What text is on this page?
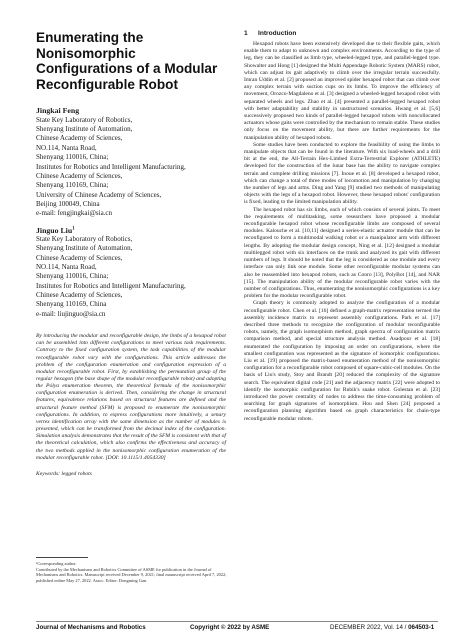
Enumerating the Nonisomorphic
Configurations of a Modular
Reconfigurable Robot
Jingkai Feng
State Key Laboratory of Robotics,
Shenyang Institute of Automation,
Chinese Academy of Sciences,
NO.114, Nanta Road,
Shenyang 110016, China;
Institutes for Robotics and Intelligent Manufacturing,
Chinese Academy of Sciences,
Shenyang 110169, China;
University of Chinese Academy of Sciences,
Beijing 100049, China
e-mail: fengjingkai@sia.cn
Jinguo Liu$^1$
State Key Laboratory of Robotics,
Shenyang Institute of Automation,
Chinese Academy of Sciences,
NO.114, Nanta Road,
Shenyang 110016, China;
Institutes for Robotics and Intelligent Manufacturing,
Chinese Academy of Sciences,
Shenyang 110169, China
e-mail: liujinguo@sia.cn

By introducing the modular and reconfigurable design, the limbs of a hexapod robot can be assembled into different configurations to meet various task requirements. Contrary to the fixed configuration system, the task capabilities of the modular reconfigurable robot vary with the configurations. This article addresses the problem of the configuration enumeration and configuration expression of a modular reconfigurable robot. First, by establishing the permutation group of the regular hexagon (the base shape of the modular reconfigurable robot) and adopting the Pólya enumeration theorem, the theoretical formula of the nonisomorphic configuration enumeration is derived. Then, considering the change in structural features, equivalence relations based on structural features are defined and the structural feature method (SFM) is proposed to enumerate the nonisomorphic configurations. In addition, to express configurations more intuitively, a senary vertex identification array with the same dimension as the number of modules is presented, which can be transformed from the decimal index of the configuration. Simulation analysis demonstrates that the result of the SFM is consistent with that of the theoretical calculation, which also confirms the effectiveness and accuracy of the two methods applied in the nonisomorphic configuration enumeration of the modular reconfigurable robot. [DOI: 10.1115/1.4054330]

Keywords: legged robots
¹Corresponding author.
Contributed by the Mechanisms and Robotics Committee of ASME for publication in the Journal of Mechanisms and Robotics. Manuscript received December 9, 2021; final manuscript received April 7, 2022; published online May 27, 2022. Assoc. Editor: Dongming Gan.
1 Introduction

Hexapod robots have been extensively developed due to their flexible gaits, which enable them to adapt to unknown and complex environments. According to the type of leg, they can be classified as limb type, wheeled-legged type, and parallel-legged type. Showalter and Hong [1] designed the Multi Appendage Robotic System (MARS) robot, which can adjust its gait adaptively to climb over the irregular terrain successfully. Imran Uddin et al. [2] proposed an improved spider hexapod robot that can climb over any complex terrain with suction cups on its limbs. To improve the efficiency of movement, Orozco-Magdaleno et al. [3] designed a wheeled-legged hexapod robot with separated wheels and legs. Zhao et al. [4] presented a parallel-legged hexapod robot with better adaptability and stability in unstructured scenarios. Hwang et al. [5,6] successively proposed two kinds of parallel-legged hexapod robots with noncollocated actuators whose gaits were controlled by the mechanism to remain stable. These studies only focus on the movement ability, but there are further requirements for the manipulation ability of hexapod robots.

Some studies have been conducted to explore the feasibility of using the limbs to manipulate objects that can be found in the literature. With six load-wheels and a drill bit at the end, the All-Terrain Hex-Limbed Extra-Terrestrial Explorer (ATHLETE) developed for the construction of the lunar base has the ability to navigate complex terrain and complete drilling missions [7]. Inoue et al. [8] developed a hexapod robot, which can change a total of three modes of locomotion and manipulation by changing the number of legs and arms. Ding and Yang [9] studied two methods of manipulating objects with the legs of a hexapod robot. However, these hexapod robots' configuration is fixed, leading to the limited manipulation ability.

The hexapod robot has six limbs, each of which consists of several joints. To meet the requirements of multitasking, some researchers have proposed a modular reconfigurable hexapod robot whose reconfigurable limbs are composed of several modules. Kalouche et al. [10,11] designed a series-elastic actuator module that can be reconfigured to form a multimodal walking robot or a manipulator arm with different lengths. By adopting the modular design concept, Ning et al. [12] designed a modular multilegged robot with six interfaces on the trunk and analyzed its gait with different numbers of legs. It should be noted that the leg is considered as one module and every interface can only link one module. Some other reconfigurable modular systems can also be reassembled into hexapod robots, such as Conro [13], PolyBot [14], and NAR [15]. The manipulation ability of the modular reconfigurable robot varies with the number of configurations. Thus, enumerating the nonisomorphic configurations is a key problem for the modular reconfigurable robot.

Graph theory is commonly adopted to analyze the configuration of a modular reconfigurable robot. Chen et al. [16] defined a graph-matrix representation termed the assembly incidence matrix to represent assembly configurations. Park et al. [17] described three methods to recognize the configuration of modular reconfigurable robots, namely, the graph isomorphism method, graph spectra of configuration matrix comparison method, and special structure analysis method. Asadpour et al. [18] enumerated the configuration by imposing an order on configurations, where the smallest configuration was represented as the signature of isomorphic configurations. Liu et al. [19] proposed the matrix-based enumeration method of the nonisomorphic configuration for a reconfigurable robot composed of square-cubic-cell modules. On the basis of Liu's study, Stoy and Brandt [20] reduced the complexity of the signature search. The equivalent digital code [21] and the adjacency matrix [22] were adopted to identify the isomorphic configuration for Rubik's snake robot. Golestan et al. [23] introduced the power centrality of nodes to address the time-consuming problem of searching for graph signatures of isomorphism. Hou and Shen [24] proposed a reconfiguration planning algorithm based on graph characteristics for chain-type reconfigurable modular robots.

Journal of Mechanisms and Robotics	Copyright © 2022 by ASME	DECEMBER 2022, Vol. 14 / 064503-1
